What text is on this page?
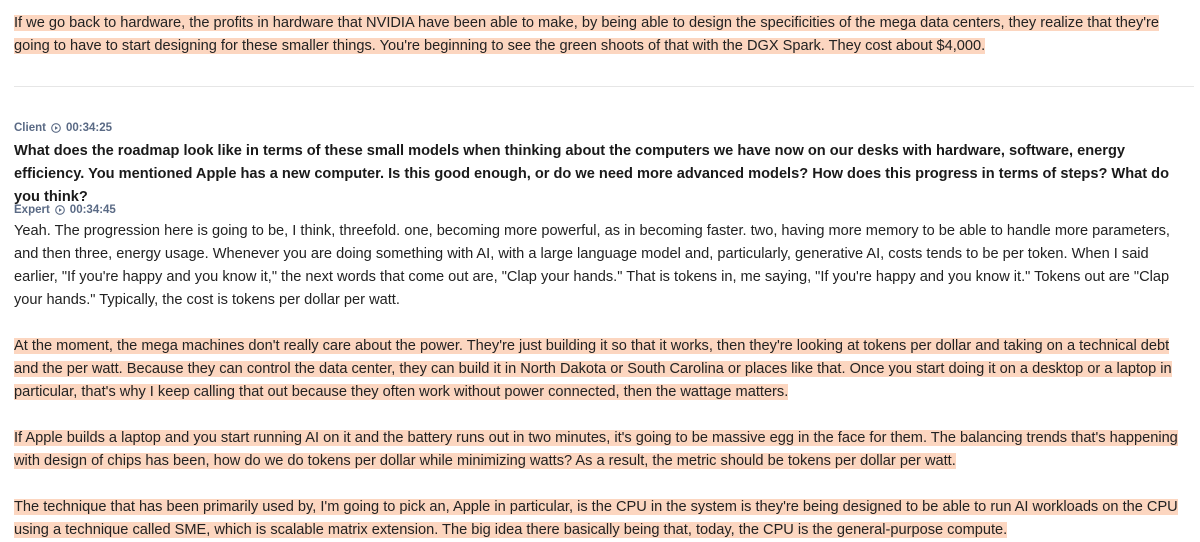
If we go back to hardware, the profits in hardware that NVIDIA have been able to make, by being able to design the specificities of the mega data centers, they realize that they're going to have to start designing for these smaller things. You're beginning to see the green shoots of that with the DGX Spark. They cost about $4,000.

Client 00:34:25

What does the roadmap look like in terms of these small models when thinking about the computers we have now on our desks with hardware, software, energy efficiency. You mentioned Apple has a new computer. Is this good enough, or do we need more advanced models? How does this progress in terms of steps? What do you think?

Expert 00:34:45

Yeah. The progression here is going to be, I think, threefold. one, becoming more powerful, as in becoming faster. two, having more memory to be able to handle more parameters, and then three, energy usage. Whenever you are doing something with AI, with a large language model and, particularly, generative AI, costs tends to be per token. When I said earlier, "If you're happy and you know it," the next words that come out are, "Clap your hands." That is tokens in, me saying, "If you're happy and you know it." Tokens out are "Clap your hands." Typically, the cost is tokens per dollar per watt.

At the moment, the mega machines don't really care about the power. They're just building it so that it works, then they're looking at tokens per dollar and taking on a technical debt and the per watt. Because they can control the data center, they can build it in North Dakota or South Carolina or places like that. Once you start doing it on a desktop or a laptop in particular, that's why I keep calling that out because they often work without power connected, then the wattage matters.

If Apple builds a laptop and you start running AI on it and the battery runs out in two minutes, it's going to be massive egg in the face for them. The balancing trends that's happening with design of chips has been, how do we do tokens per dollar while minimizing watts? As a result, the metric should be tokens per dollar per watt.

The technique that has been primarily used by, I'm going to pick an, Apple in particular, is the CPU in the system is they're being designed to be able to run AI workloads on the CPU using a technique called SME, which is scalable matrix extension. The big idea there basically being that, today, the CPU is the general-purpose compute.
